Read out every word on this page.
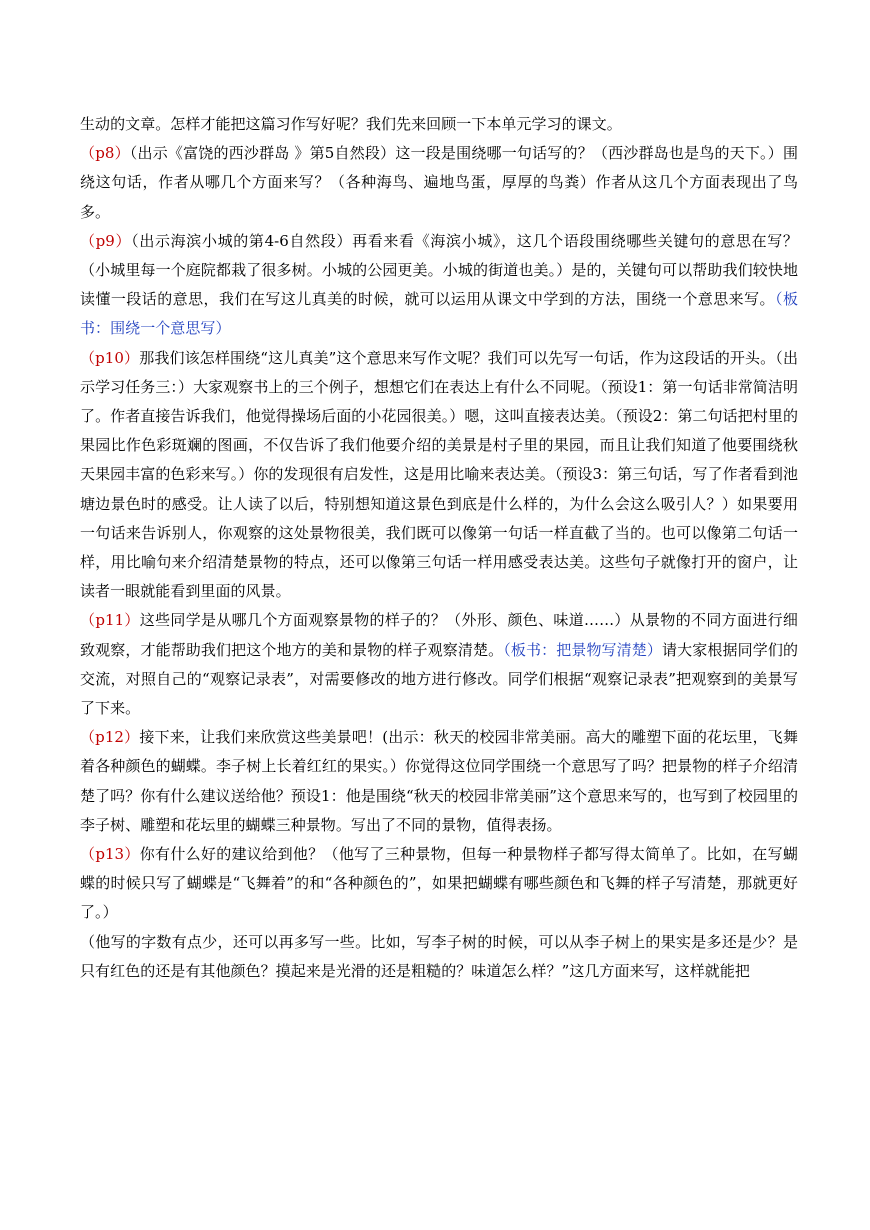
生动的文章。怎样才能把这篇习作写好呢？我们先来回顾一下本单元学习的课文。

（p8）（出示《富饶的西沙群岛 》第5自然段）这一段是围绕哪一句话写的？（西沙群岛也是鸟的天下。）围绕这句话，作者从哪几个方面来写？（各种海鸟、遍地鸟蛋，厚厚的鸟粪）作者从这几个方面表现出了鸟多。

（p9）（出示海滨小城的第4-6自然段）再看来看《海滨小城》，这几个语段围绕哪些关键句的意思在写？（小城里每一个庭院都栽了很多树。小城的公园更美。小城的街道也美。）是的，关键句可以帮助我们较快地读懂一段话的意思，我们在写这儿真美的时候，就可以运用从课文中学到的方法，围绕一个意思来写。（板书：围绕一个意思写）

（p10）那我们该怎样围绕“这儿真美”这个意思来写作文呢？我们可以先写一句话，作为这段话的开头。（出示学习任务三：）大家观察书上的三个例子，想想它们在表达上有什么不同呢。（预设1：第一句话非常简洁明了。作者直接告诉我们，他觉得操场后面的小花园很美。）嗯，这叫直接表达美。（预设2：第二句话把村里的果园比作色彩斑斓的图画，不仅告诉了我们他要介绍的美景是村子里的果园，而且让我们知道了他要围绕秋天果园丰富的色彩来写。）你的发现很有启发性，这是用比喻来表达美。（预设3：第三句话，写了作者看到池塘边景色时的感受。让人读了以后，特别想知道这景色到底是什么样的，为什么会这么吸引人？）如果要用一句话来告诉别人，你观察的这处景物很美，我们既可以像第一句话一样直截了当的。也可以像第二句话一样，用比喻句来介绍清楚景物的特点，还可以像第三句话一样用感受表达美。这些句子就像打开的窗户，让读者一眼就能看到里面的风景。

（p11）这些同学是从哪几个方面观察景物的样子的？（外形、颜色、味道……）从景物的不同方面进行细致观察，才能帮助我们把这个地方的美和景物的样子观察清楚。（板书：把景物写清楚）请大家根据同学们的交流，对照自己的“观察记录表”，对需要修改的地方进行修改。同学们根据“观察记录表”把观察到的美景写了下来。

（p12）接下来，让我们来欣赏这些美景吧！(出示：秋天的校园非常美丽。高大的雕塑下面的花坛里，飞舞着各种颜色的蝴蝶。李子树上长着红红的果实。）你觉得这位同学围绕一个意思写了吗？把景物的样子介绍清楚了吗？你有什么建议送给他？预设1：他是围绕“秋天的校园非常美丽”这个意思来写的，也写到了校园里的李子树、雕塑和花坛里的蝴蝶三种景物。写出了不同的景物，值得表扬。

（p13）你有什么好的建议给到他？（他写了三种景物，但每一种景物样子都写得太简单了。比如，在写蝴蝶的时候只写了蝴蝶是“飞舞着”的和“各种颜色的”，如果把蝴蝶有哪些颜色和飞舞的样子写清楚，那就更好了。）

（他写的字数有点少，还可以再多写一些。比如，写李子树的时候，可以从李子树上的果实是多还是少？是只有红色的还是有其他颜色？摸起来是光滑的还是粗糙的？味道怎么样？”这几方面来写，这样就能把
